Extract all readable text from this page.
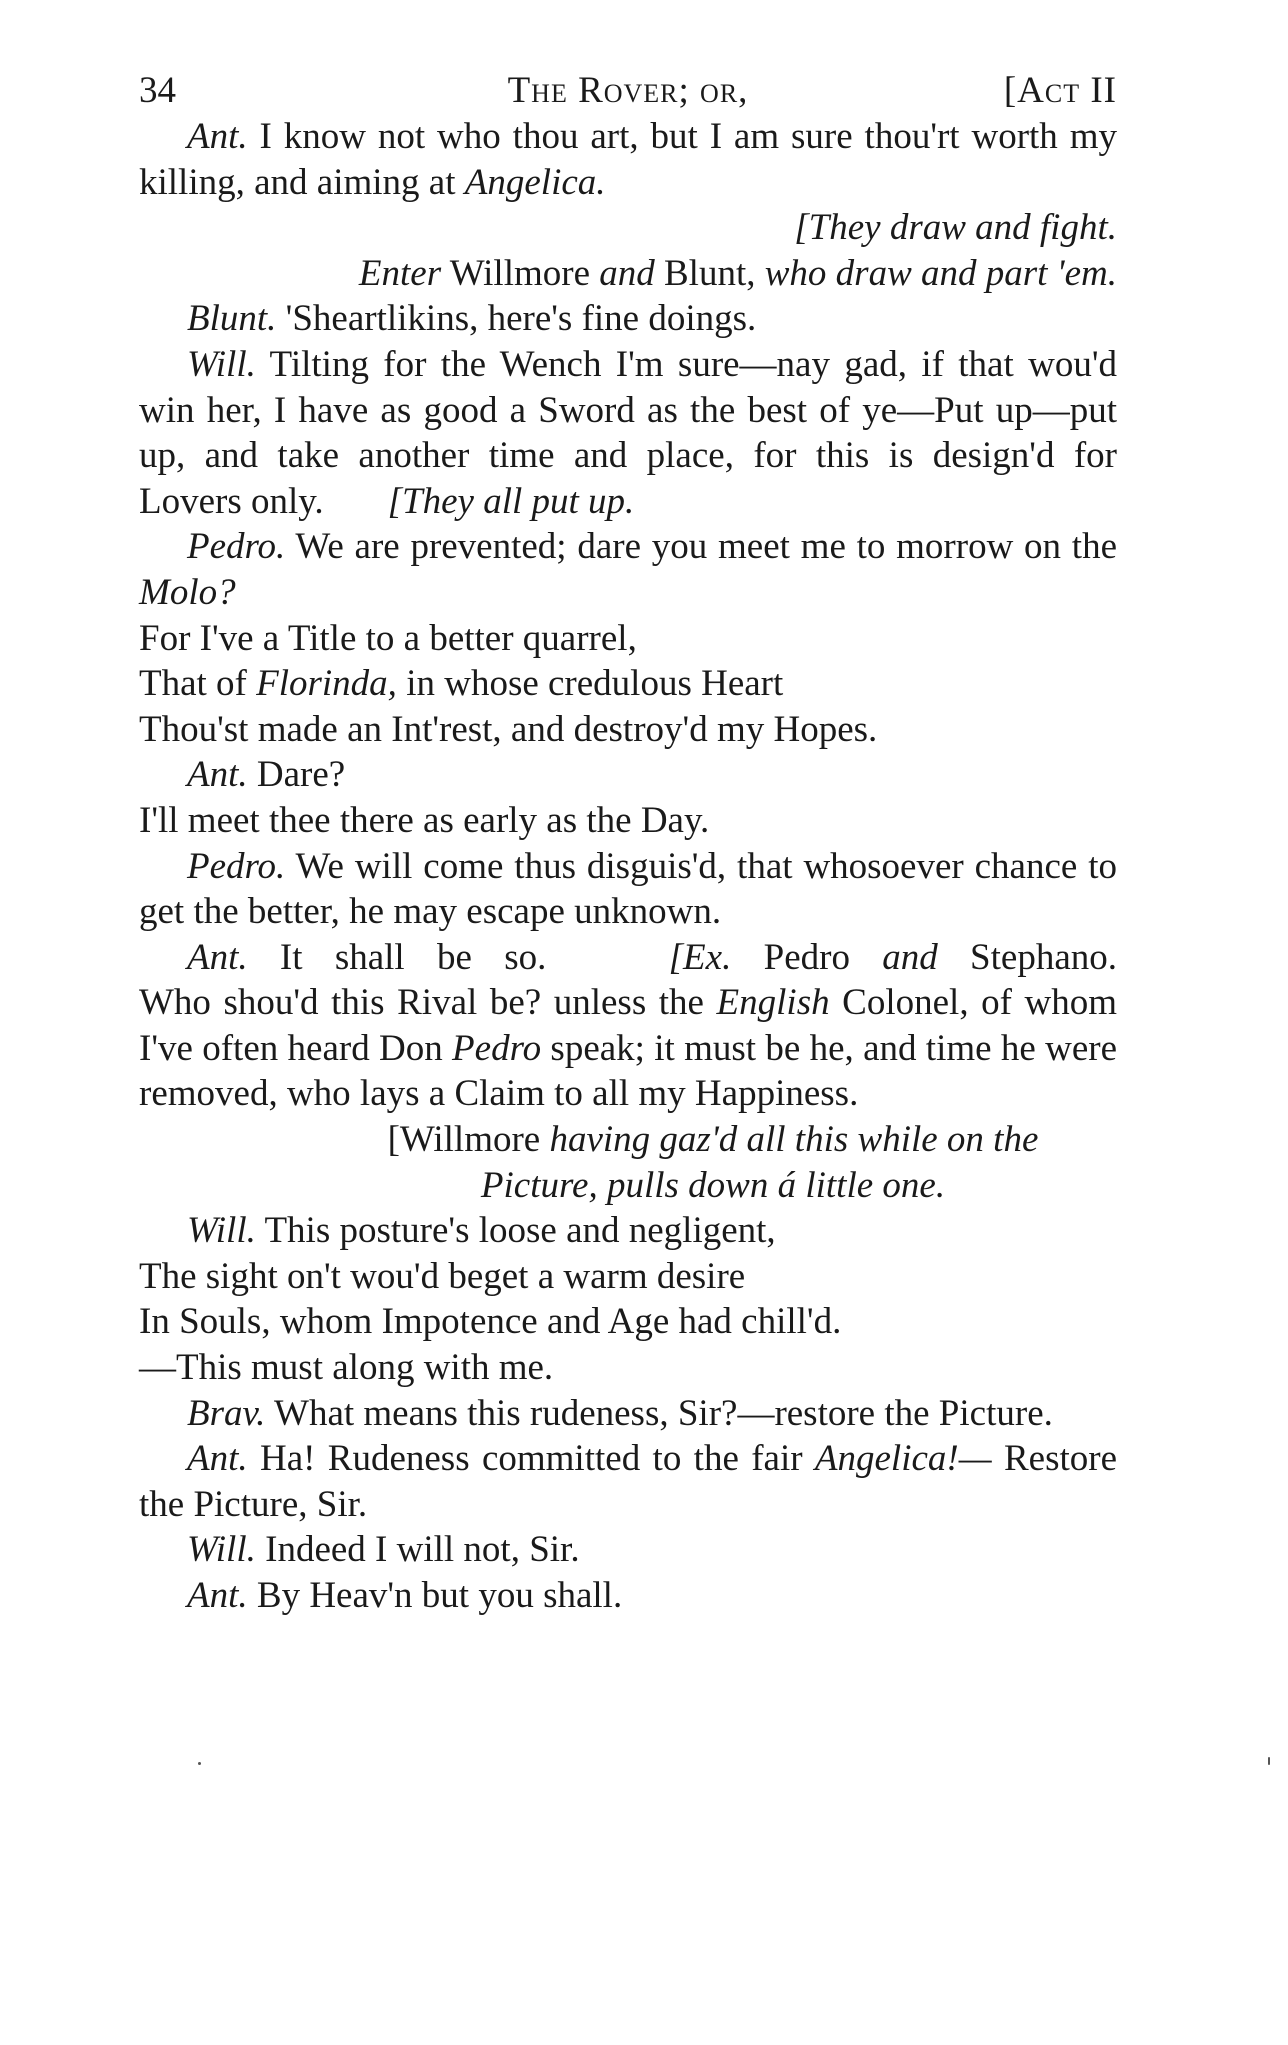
34	The Rover; or,	[Act II

Ant. I know not who thou art, but I am sure thou'rt worth my killing, and aiming at Angelica.

[They draw and fight.

Enter Willmore and Blunt, who draw and part 'em.

Blunt. 'Sheartlikins, here's fine doings.

Will. Tilting for the Wench I'm sure—nay gad, if that wou'd win her, I have as good a Sword as the best of ye—Put up—put up, and take another time and place, for this is design'd for Lovers only. [They all put up.

Pedro. We are prevented; dare you meet me to morrow on the Molo?

For I've a Title to a better quarrel,

That of Florinda, in whose credulous Heart

Thou'st made an Int'rest, and destroy'd my Hopes.

Ant. Dare?

I'll meet thee there as early as the Day.

Pedro. We will come thus disguis'd, that whosoever chance to get the better, he may escape unknown.

Ant. It shall be so.	[Ex. Pedro and Stephano.

Who shou'd this Rival be? unless the English Colonel, of whom I've often heard Don Pedro speak; it must be he, and time he were removed, who lays a Claim to all my Happiness.

[Willmore having gaz'd all this while on the
Picture, pulls down á little one.

Will. This posture's loose and negligent,

The sight on't wou'd beget a warm desire

In Souls, whom Impotence and Age had chill'd.

—This must along with me.

Brav. What means this rudeness, Sir?—restore the Picture.

Ant. Ha! Rudeness committed to the fair Angelica!— Restore the Picture, Sir.

Will. Indeed I will not, Sir.

Ant. By Heav'n but you shall.
